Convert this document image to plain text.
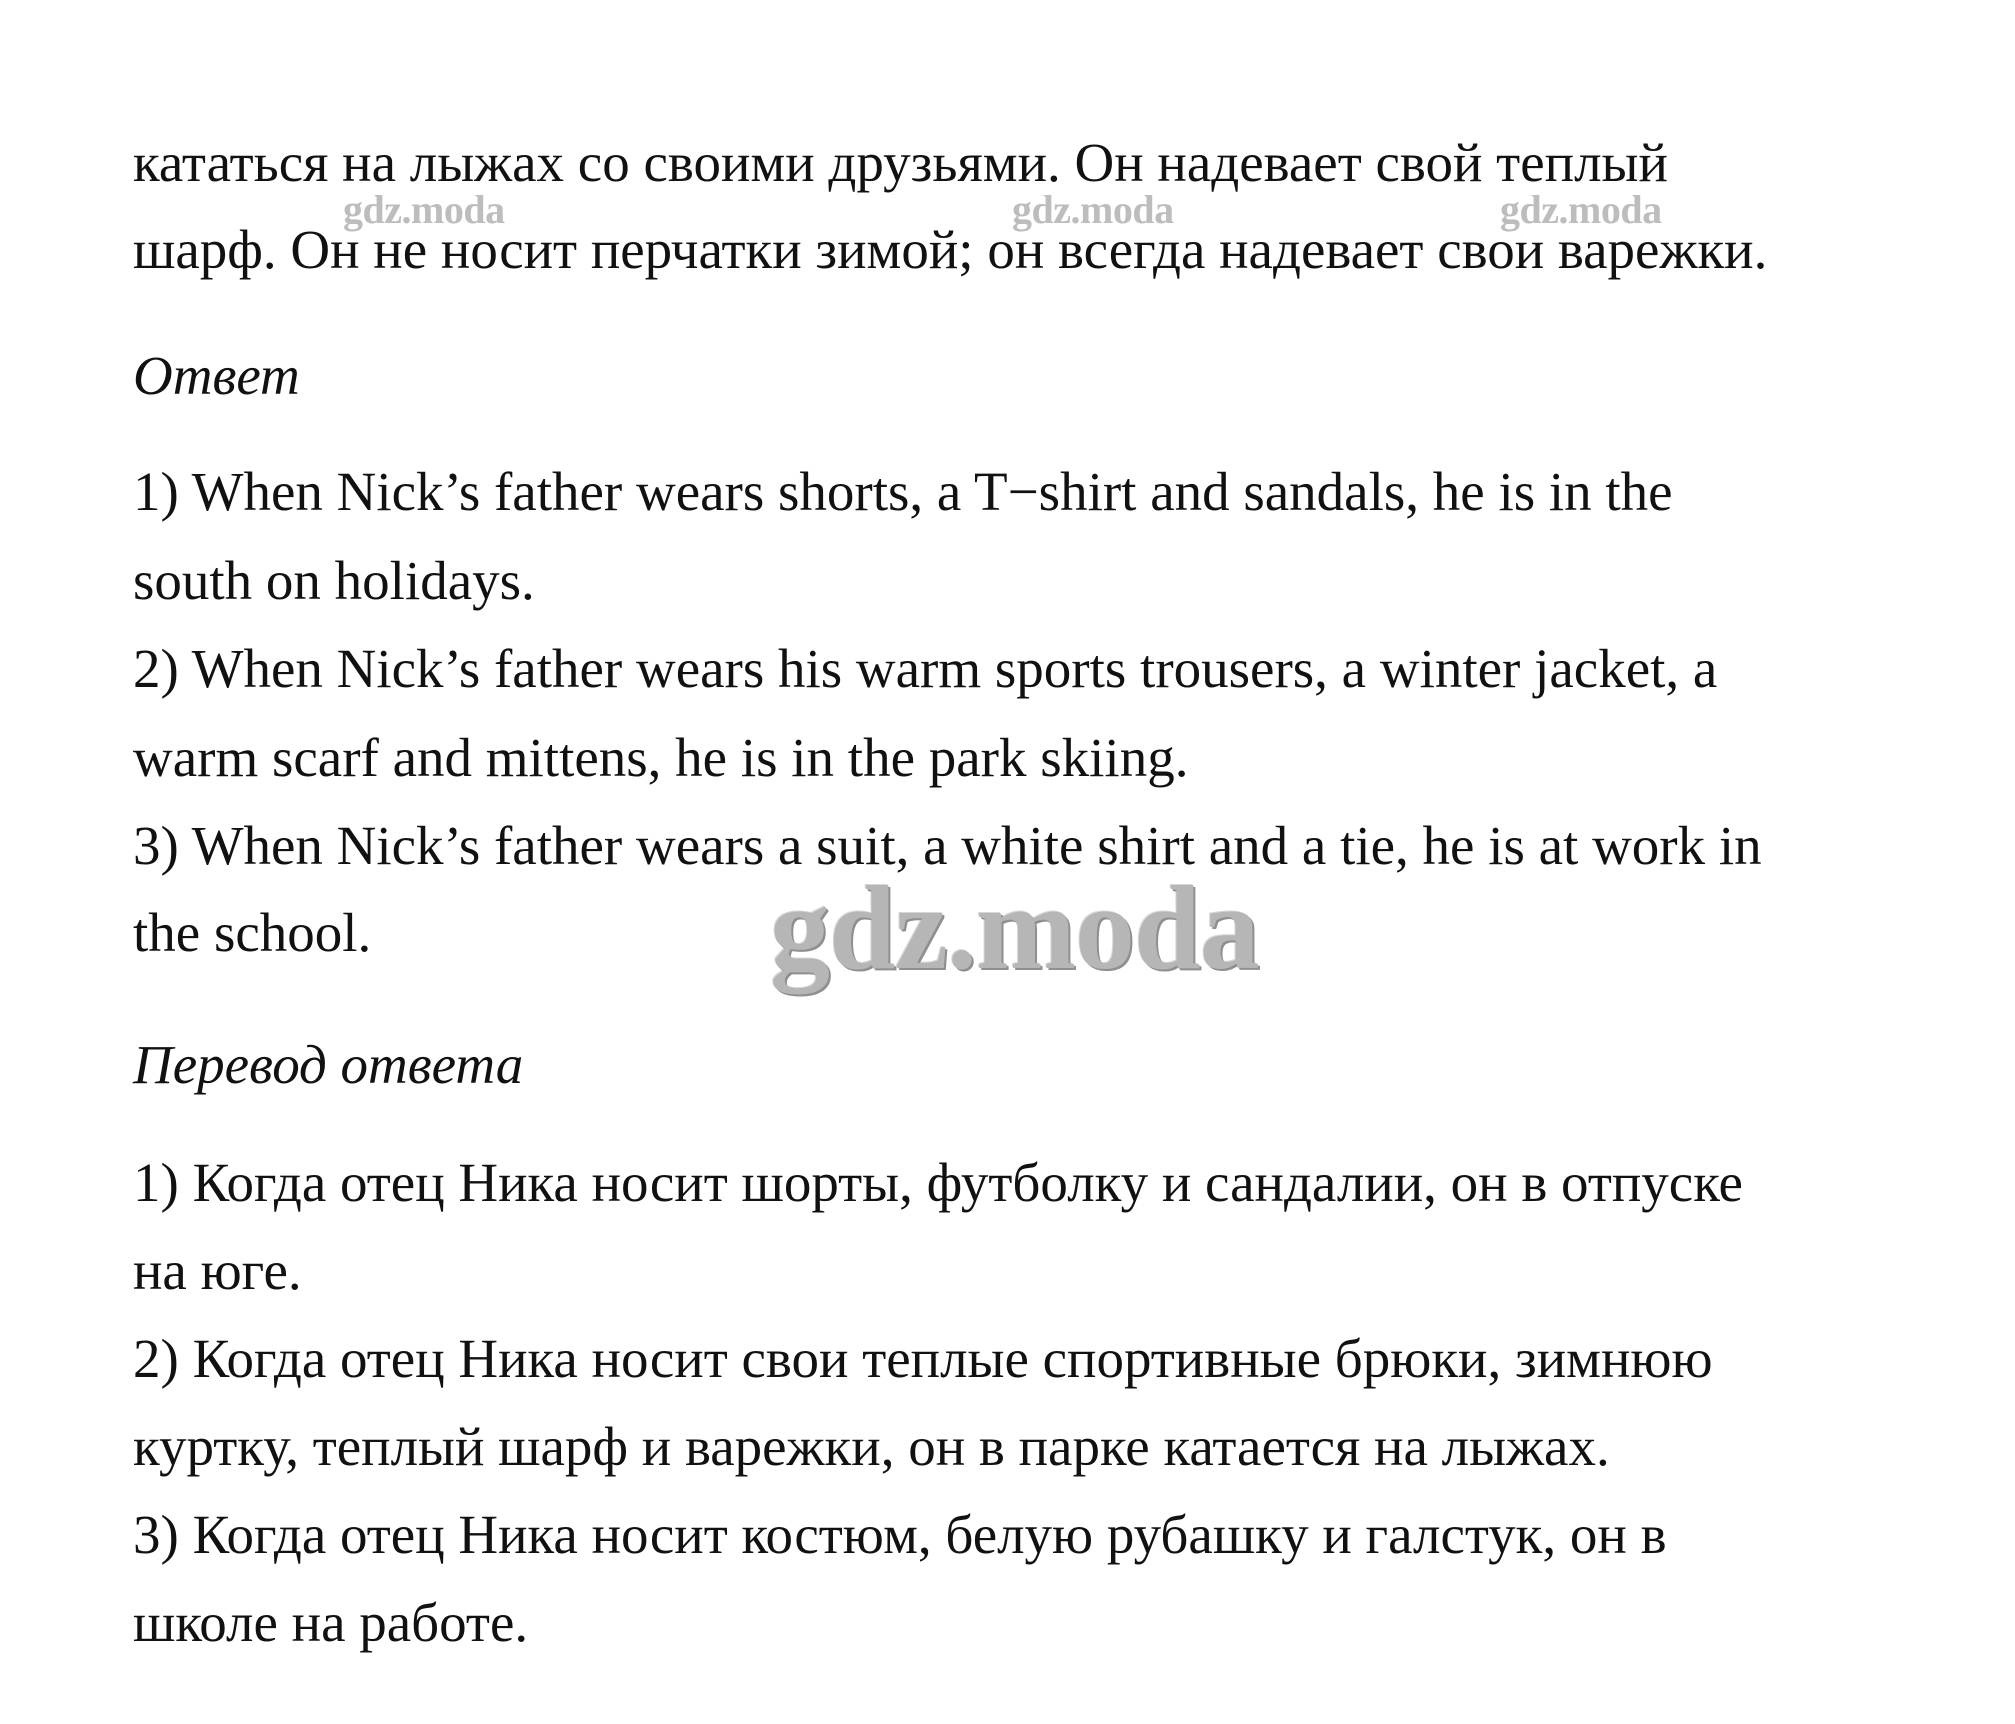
gdz.moda	gdz.moda	gdz.moda
кататься на лыжах со своими друзьями. Он надевает свой теплый
шарф. Он не носит перчатки зимой; он всегда надевает свои варежки.
Ответ
1) When Nick’s father wears shorts, a T−shirt and sandals, he is in the
south on holidays.
2) When Nick’s father wears his warm sports trousers, a winter jacket, a
warm scarf and mittens, he is in the park skiing.
3) When Nick’s father wears a suit, a white shirt and a tie, he is at work in
the school.	gdz.moda
Перевод ответа
1) Когда отец Ника носит шорты, футболку и сандалии, он в отпуске
на юге.
2) Когда отец Ника носит свои теплые спортивные брюки, зимнюю
куртку, теплый шарф и варежки, он в парке катается на лыжах.
3) Когда отец Ника носит костюм, белую рубашку и галстук, он в
школе на работе.
